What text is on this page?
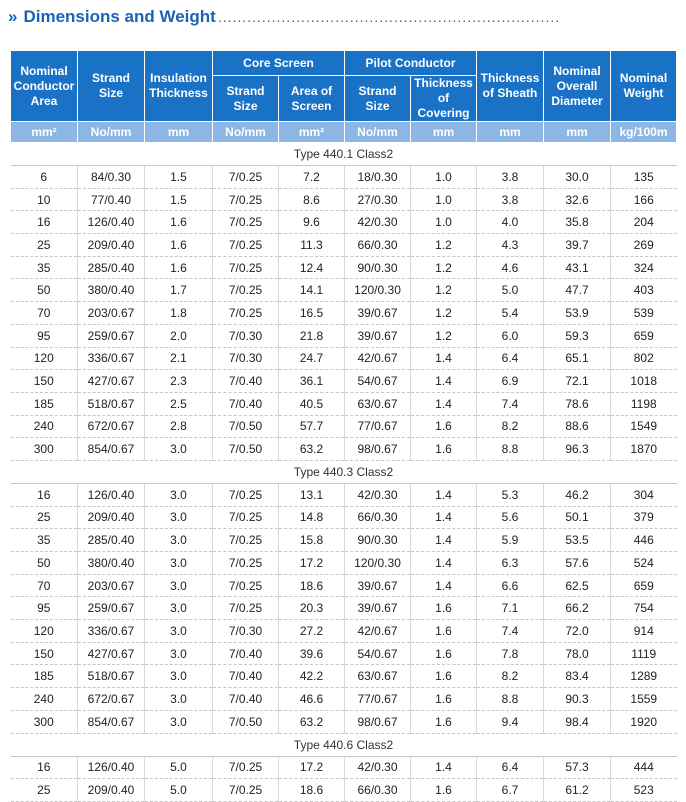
» Dimensions and Weight ......................................................................
Nominal Conductor Area	Strand Size	Insulation Thickness	Core Screen		Pilot Conductor		Thickness of Sheath	Nominal Overall Diameter	Nominal Weight
			Strand Size	Area of Screen	Strand Size	Thickness of Covering			
mm²	No/mm	mm	No/mm	mm²	No/mm	mm	mm	mm	kg/100m
Type 440.1 Class2									
6	84/0.30	1.5	7/0.25	7.2	18/0.30	1.0	3.8	30.0	135
10	77/0.40	1.5	7/0.25	8.6	27/0.30	1.0	3.8	32.6	166
16	126/0.40	1.6	7/0.25	9.6	42/0.30	1.0	4.0	35.8	204
25	209/0.40	1.6	7/0.25	11.3	66/0.30	1.2	4.3	39.7	269
35	285/0.40	1.6	7/0.25	12.4	90/0.30	1.2	4.6	43.1	324
50	380/0.40	1.7	7/0.25	14.1	120/0.30	1.2	5.0	47.7	403
70	203/0.67	1.8	7/0.25	16.5	39/0.67	1.2	5.4	53.9	539
95	259/0.67	2.0	7/0.30	21.8	39/0.67	1.2	6.0	59.3	659
120	336/0.67	2.1	7/0.30	24.7	42/0.67	1.4	6.4	65.1	802
150	427/0.67	2.3	7/0.40	36.1	54/0.67	1.4	6.9	72.1	1018
185	518/0.67	2.5	7/0.40	40.5	63/0.67	1.4	7.4	78.6	1198
240	672/0.67	2.8	7/0.50	57.7	77/0.67	1.6	8.2	88.6	1549
300	854/0.67	3.0	7/0.50	63.2	98/0.67	1.6	8.8	96.3	1870
Type 440.3 Class2									
16	126/0.40	3.0	7/0.25	13.1	42/0.30	1.4	5.3	46.2	304
25	209/0.40	3.0	7/0.25	14.8	66/0.30	1.4	5.6	50.1	379
35	285/0.40	3.0	7/0.25	15.8	90/0.30	1.4	5.9	53.5	446
50	380/0.40	3.0	7/0.25	17.2	120/0.30	1.4	6.3	57.6	524
70	203/0.67	3.0	7/0.25	18.6	39/0.67	1.4	6.6	62.5	659
95	259/0.67	3.0	7/0.25	20.3	39/0.67	1.6	7.1	66.2	754
120	336/0.67	3.0	7/0.30	27.2	42/0.67	1.6	7.4	72.0	914
150	427/0.67	3.0	7/0.40	39.6	54/0.67	1.6	7.8	78.0	1119
185	518/0.67	3.0	7/0.40	42.2	63/0.67	1.6	8.2	83.4	1289
240	672/0.67	3.0	7/0.40	46.6	77/0.67	1.6	8.8	90.3	1559
300	854/0.67	3.0	7/0.50	63.2	98/0.67	1.6	9.4	98.4	1920
Type 440.6 Class2									
16	126/0.40	5.0	7/0.25	17.2	42/0.30	1.4	6.4	57.3	444
25	209/0.40	5.0	7/0.25	18.6	66/0.30	1.6	6.7	61.2	523
